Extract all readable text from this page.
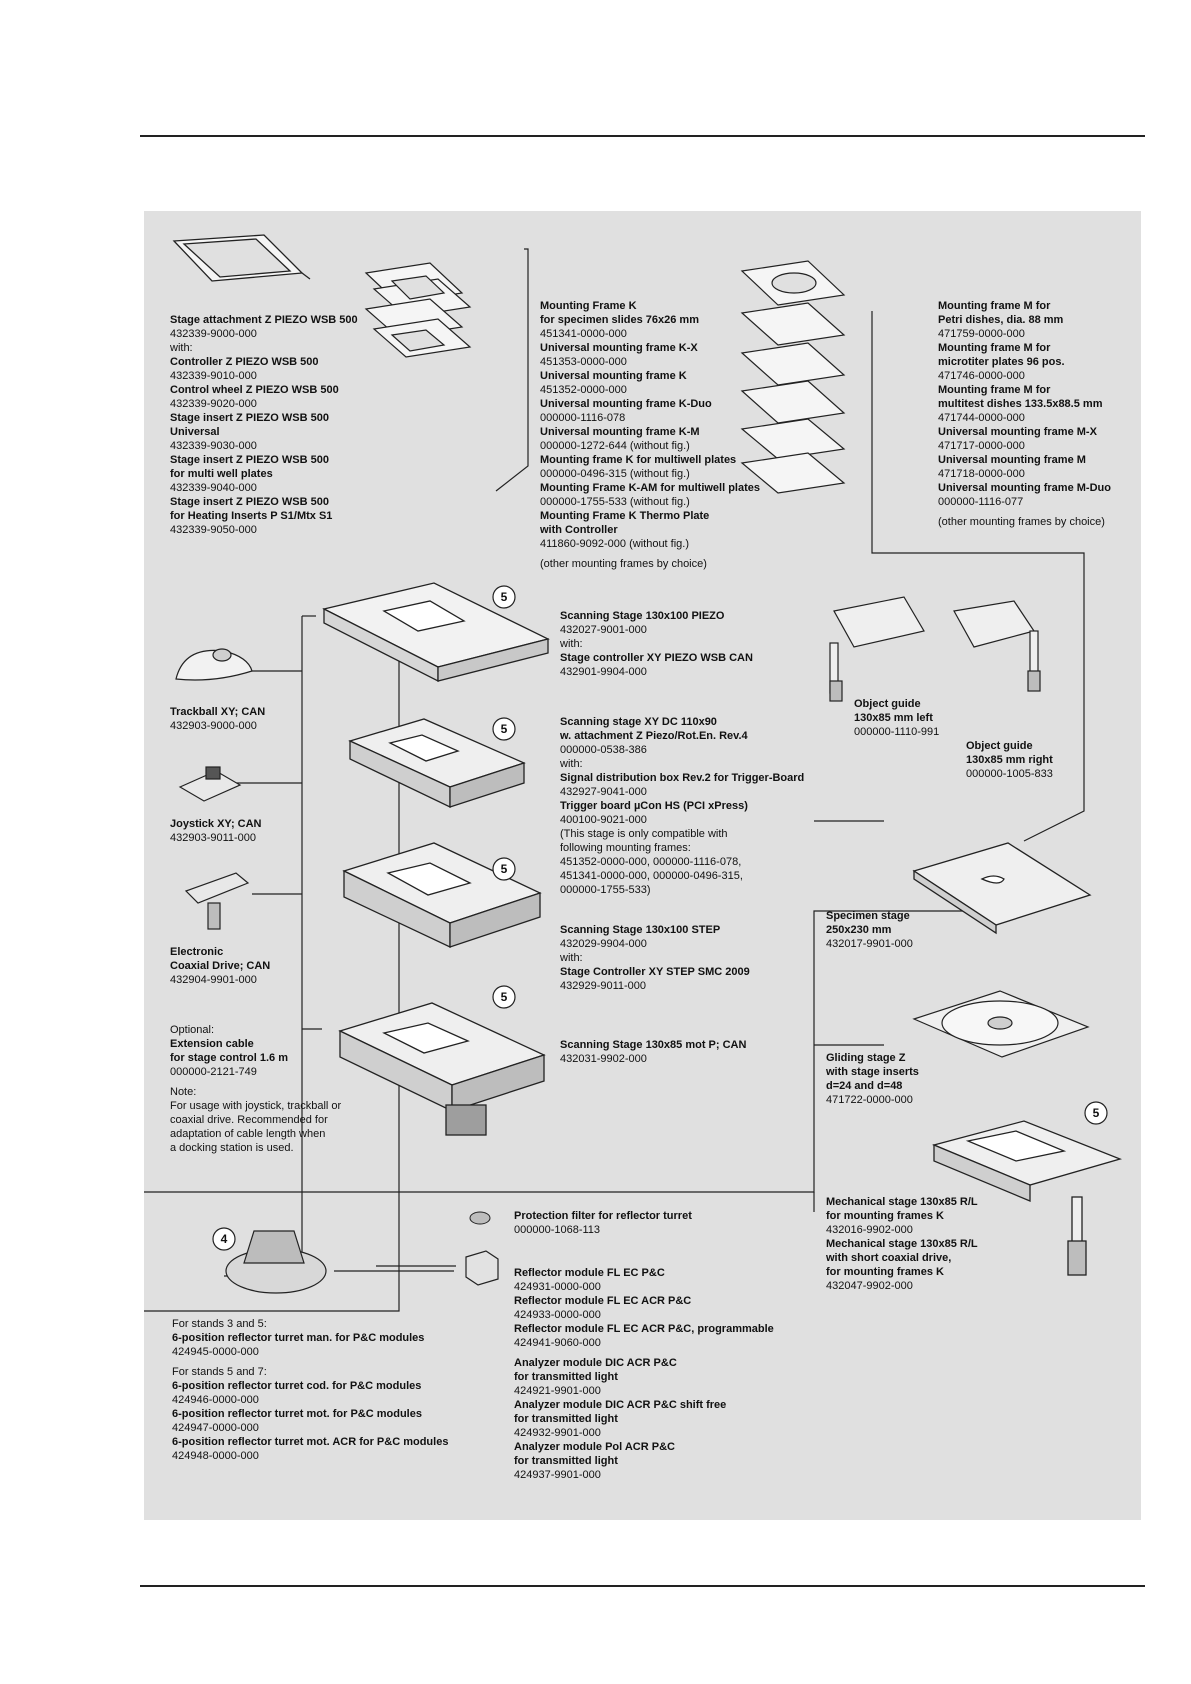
5
5
5
5
5
4
Stage attachment Z PIEZO WSB 500
432339-9000-000
with:
Controller Z PIEZO WSB 500
432339-9010-000
Control wheel Z PIEZO WSB 500
432339-9020-000
Stage insert Z PIEZO WSB 500
Universal
432339-9030-000
Stage insert Z PIEZO WSB 500
for multi well plates
432339-9040-000
Stage insert Z PIEZO WSB 500
for Heating Inserts P S1/Mtx S1
432339-9050-000
Mounting Frame K
for specimen slides 76x26 mm
451341-0000-000
Universal mounting frame K-X
451353-0000-000
Universal mounting frame K
451352-0000-000
Universal mounting frame K-Duo
000000-1116-078
Universal mounting frame K-M
000000-1272-644 (without fig.)
Mounting frame K for multiwell plates
000000-0496-315 (without fig.)
Mounting Frame K-AM for multiwell plates
000000-1755-533 (without fig.)
Mounting Frame K Thermo Plate
with Controller
411860-9092-000 (without fig.)
(other mounting frames by choice)
Mounting frame M for
Petri dishes, dia. 88 mm
471759-0000-000
Mounting frame M for
microtiter plates 96 pos.
471746-0000-000
Mounting frame M for
multitest dishes 133.5x88.5 mm
471744-0000-000
Universal mounting frame M-X
471717-0000-000
Universal mounting frame M
471718-0000-000
Universal mounting frame M-Duo
000000-1116-077
(other mounting frames by choice)
Scanning Stage 130x100 PIEZO
432027-9001-000
with:
Stage controller XY PIEZO WSB CAN
432901-9904-000
Scanning stage XY DC 110x90
w. attachment Z Piezo/Rot.En. Rev.4
000000-0538-386
with:
Signal distribution box Rev.2 for Trigger-Board
432927-9041-000
Trigger board µCon HS (PCI xPress)
400100-9021-000
(This stage is only compatible with
following mounting frames:
451352-0000-000, 000000-1116-078,
451341-0000-000, 000000-0496-315,
000000-1755-533)
Scanning Stage 130x100 STEP
432029-9904-000
with:
Stage Controller XY STEP SMC 2009
432929-9011-000
Scanning Stage 130x85 mot P; CAN
432031-9902-000
Trackball XY; CAN
432903-9000-000
Joystick XY; CAN
432903-9011-000
Electronic
Coaxial Drive; CAN
432904-9901-000
Optional:
Extension cable
for stage control 1.6 m
000000-2121-749
Note:
For usage with joystick, trackball or
coaxial drive. Recommended for
adaptation of cable length when
a docking station is used.
Object guide
130x85 mm left
000000-1110-991
Object guide
130x85 mm right
000000-1005-833
Specimen stage
250x230 mm
432017-9901-000
Gliding stage Z
with stage inserts
d=24 and d=48
471722-0000-000
Mechanical stage 130x85 R/L
for mounting frames K
432016-9902-000
Mechanical stage 130x85 R/L
with short coaxial drive,
for mounting frames K
432047-9902-000
Protection filter for reflector turret
000000-1068-113
Reflector module FL EC P&C
424931-0000-000
Reflector module FL EC ACR P&C
424933-0000-000
Reflector module FL EC ACR P&C, programmable
424941-9060-000
Analyzer module DIC ACR P&C
for transmitted light
424921-9901-000
Analyzer module DIC ACR P&C shift free
for transmitted light
424932-9901-000
Analyzer module Pol ACR P&C
for transmitted light
424937-9901-000
For stands 3 and 5:
6-position reflector turret man. for P&C modules
424945-0000-000
For stands 5 and 7:
6-position reflector turret cod. for P&C modules
424946-0000-000
6-position reflector turret mot. for P&C modules
424947-0000-000
6-position reflector turret mot. ACR for P&C modules
424948-0000-000
